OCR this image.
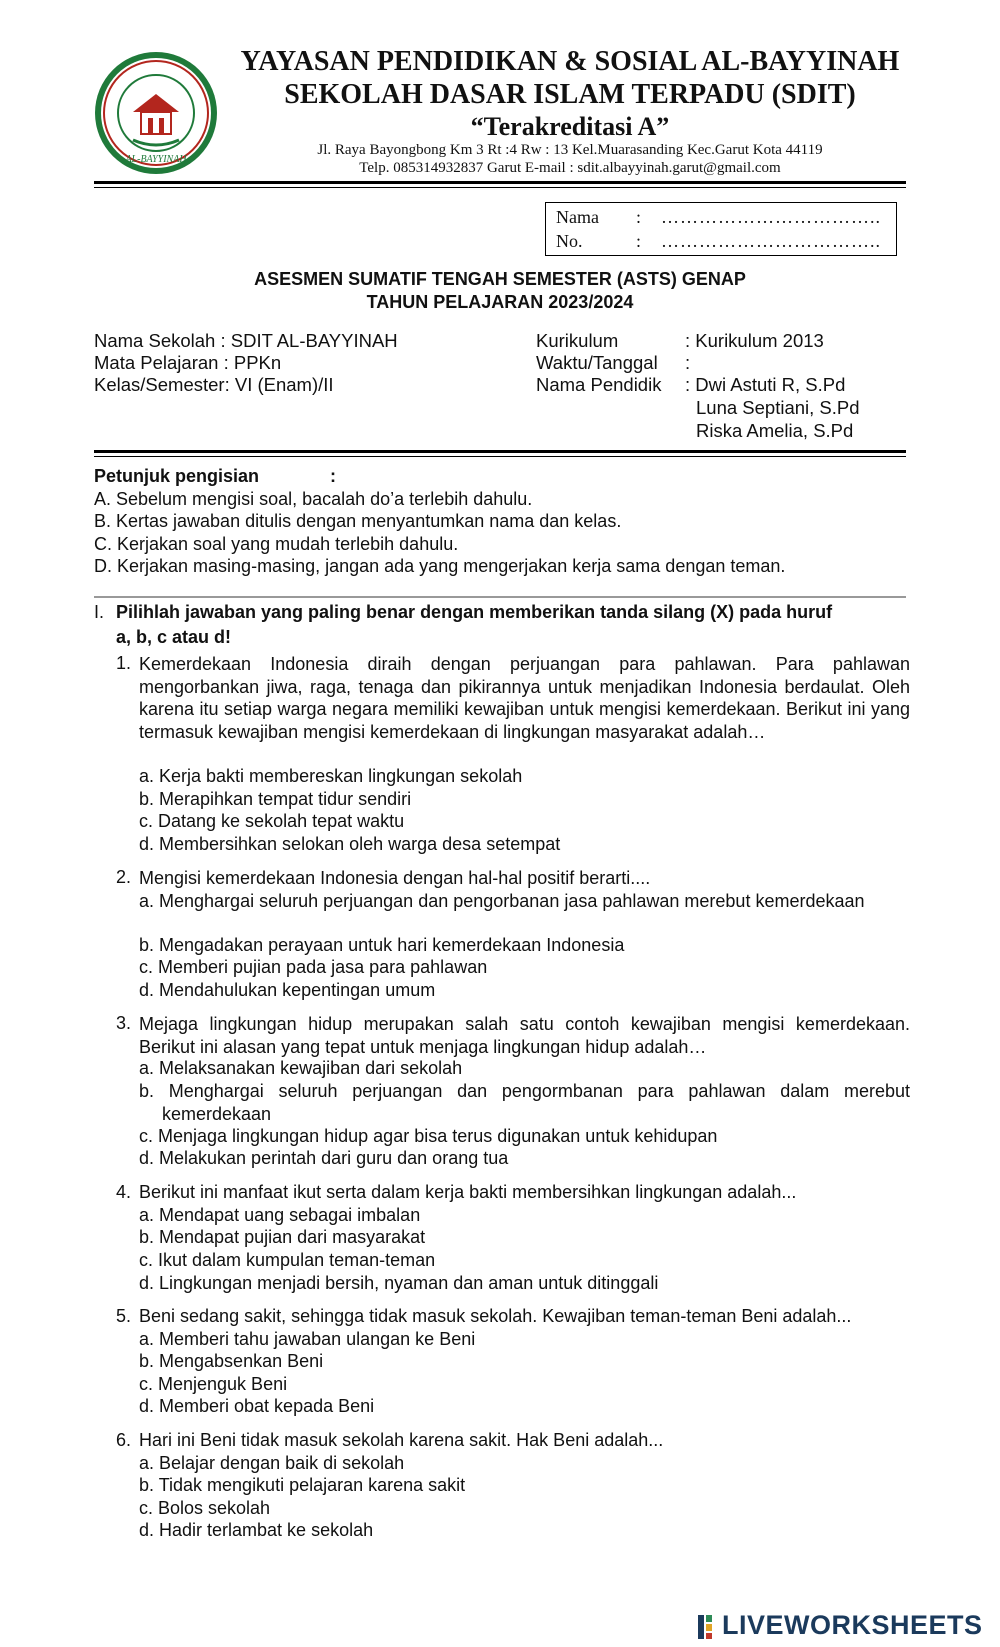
AL-BAYYINAH
YAYASAN PENDIDIKAN & SOSIAL AL-BAYYINAH
SEKOLAH DASAR ISLAM TERPADU (SDIT)
“Terakreditasi A”
Jl. Raya Bayongbong Km 3 Rt :4 Rw : 13 Kel.Muarasanding Kec.Garut Kota 44119
Telp. 085314932837 Garut E-mail : sdit.albayyinah.garut@gmail.com
Nama : ……………………………..
No.	: ……………………………..
ASESMEN SUMATIF TENGAH SEMESTER (ASTS) GENAP
TAHUN PELAJARAN 2023/2024
Nama Sekolah : SDIT AL-BAYYINAH
Mata Pelajaran : PPKn
Kelas/Semester: VI (Enam)/II
Kurikulum	: Kurikulum 2013
Waktu/Tanggal :
Nama Pendidik : Dwi Astuti R, S.Pd
Luna Septiani, S.Pd
Riska Amelia, S.Pd
Petunjuk pengisian	:
A. Sebelum mengisi soal, bacalah do’a terlebih dahulu.
B. Kertas jawaban ditulis dengan menyantumkan nama dan kelas.
C. Kerjakan soal yang mudah terlebih dahulu.
D. Kerjakan masing-masing, jangan ada yang mengerjakan kerja sama dengan teman.
I. Pilihlah jawaban yang paling benar dengan memberikan tanda silang (X) pada huruf
a, b, c atau d!
1. Kemerdekaan Indonesia diraih dengan perjuangan para pahlawan. Para pahlawan mengorbankan jiwa, raga, tenaga dan pikirannya untuk menjadikan Indonesia berdaulat. Oleh karena itu setiap warga negara memiliki kewajiban untuk mengisi kemerdekaan. Berikut ini yang termasuk kewajiban mengisi kemerdekaan di lingkungan masyarakat adalah…
a. Kerja bakti membereskan lingkungan sekolah
b. Merapihkan tempat tidur sendiri
c. Datang ke sekolah tepat waktu
d. Membersihkan selokan oleh warga desa setempat
2. Mengisi kemerdekaan Indonesia dengan hal-hal positif berarti....
a. Menghargai seluruh perjuangan dan pengorbanan jasa pahlawan merebut kemerdekaan
b. Mengadakan perayaan untuk hari kemerdekaan Indonesia
c. Memberi pujian pada jasa para pahlawan
d. Mendahulukan kepentingan umum
3. Mejaga lingkungan hidup merupakan salah satu contoh kewajiban mengisi kemerdekaan. Berikut ini alasan yang tepat untuk menjaga lingkungan hidup adalah…
a. Melaksanakan kewajiban dari sekolah
b. Menghargai seluruh perjuangan dan pengormbanan para pahlawan dalam merebut kemerdekaan
c. Menjaga lingkungan hidup agar bisa terus digunakan untuk kehidupan
d. Melakukan perintah dari guru dan orang tua
4. Berikut ini manfaat ikut serta dalam kerja bakti membersihkan lingkungan adalah...
a. Mendapat uang sebagai imbalan
b. Mendapat pujian dari masyarakat
c. Ikut dalam kumpulan teman-teman
d. Lingkungan menjadi bersih, nyaman dan aman untuk ditinggali
5. Beni sedang sakit, sehingga tidak masuk sekolah. Kewajiban teman-teman Beni adalah...
a. Memberi tahu jawaban ulangan ke Beni
b. Mengabsenkan Beni
c. Menjenguk Beni
d. Memberi obat kepada Beni
6. Hari ini Beni tidak masuk sekolah karena sakit. Hak Beni adalah...
a. Belajar dengan baik di sekolah
b. Tidak mengikuti pelajaran karena sakit
c. Bolos sekolah
d. Hadir terlambat ke sekolah
LIVEWORKSHEETS
